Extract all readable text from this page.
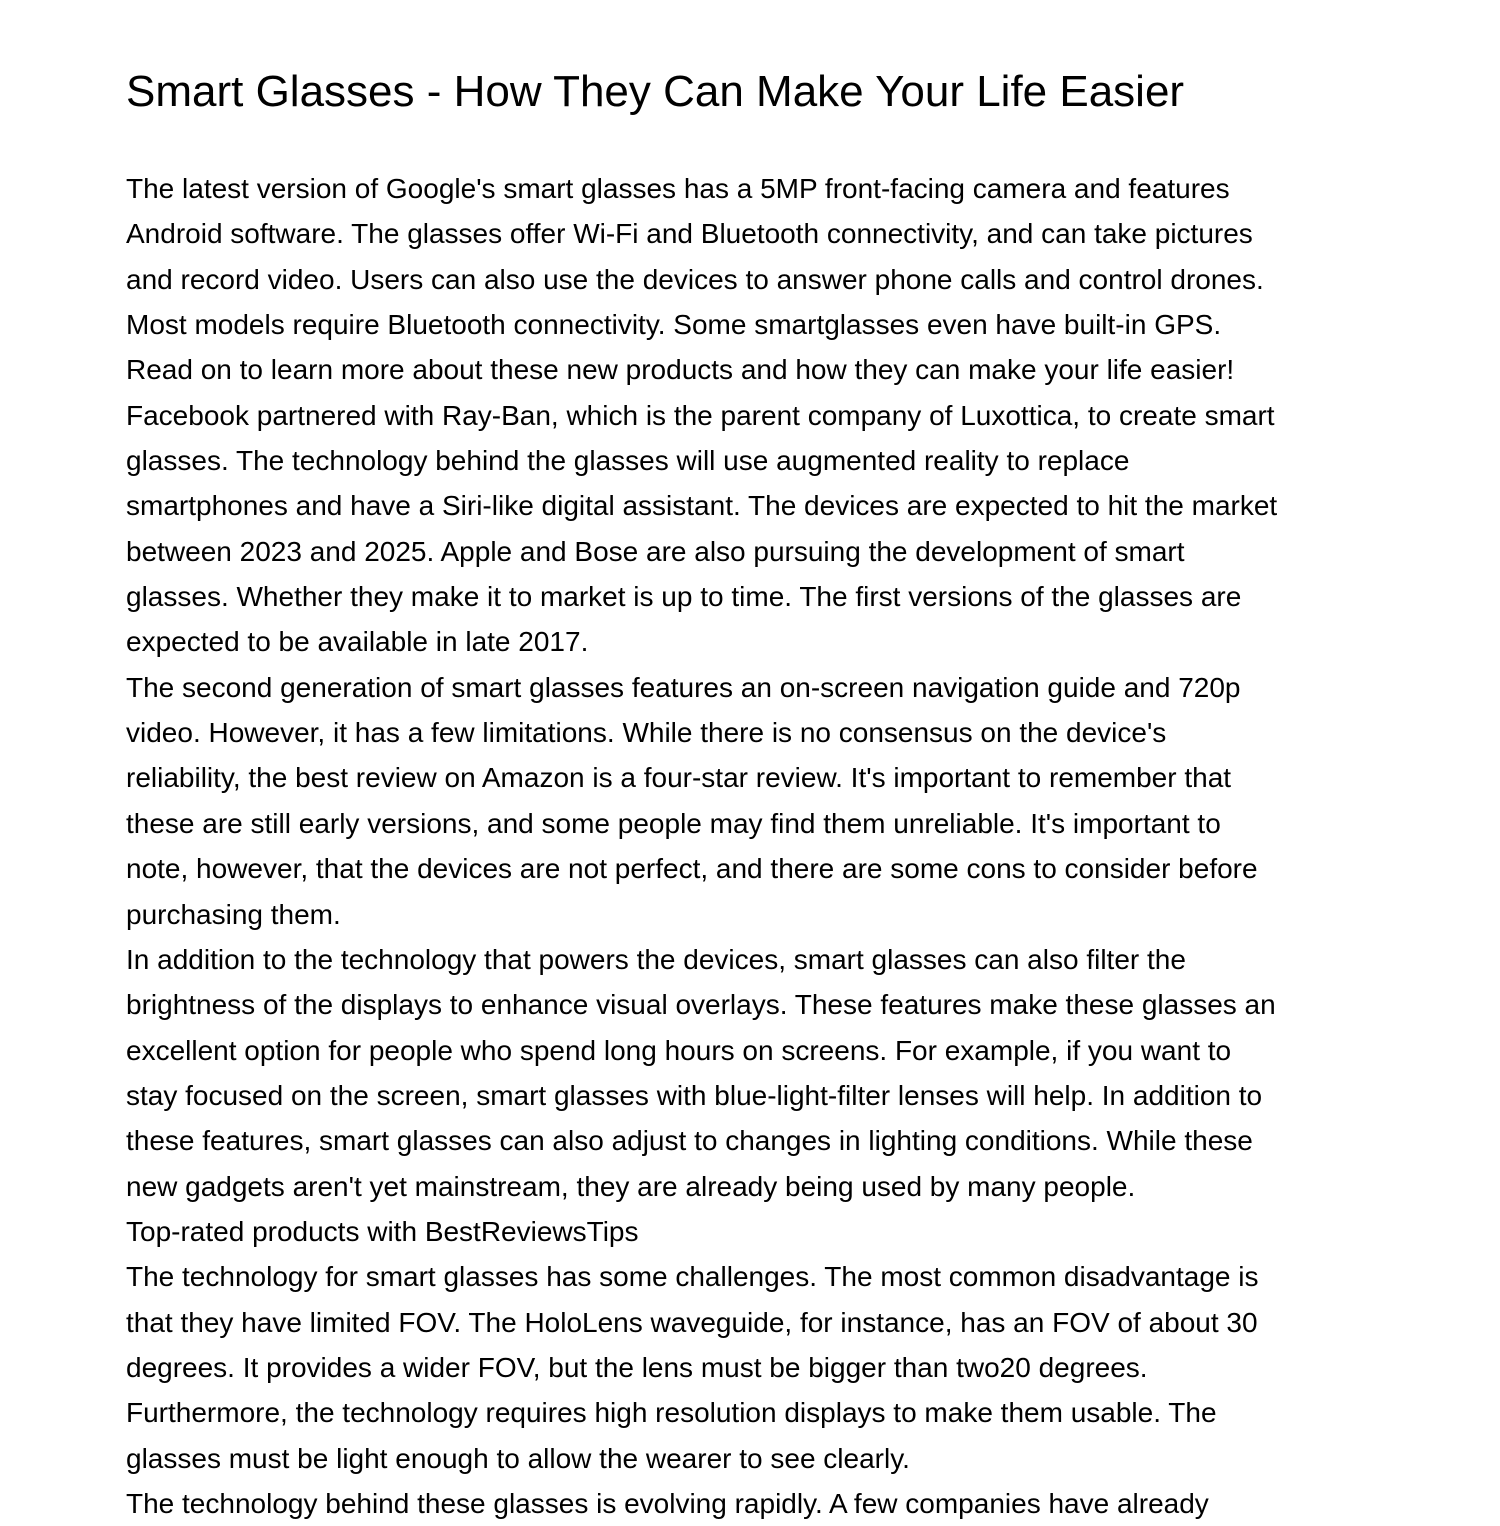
Smart Glasses - How They Can Make Your Life Easier
The latest version of Google's smart glasses has a 5MP front-facing camera and features
Android software. The glasses offer Wi-Fi and Bluetooth connectivity, and can take pictures
and record video. Users can also use the devices to answer phone calls and control drones.
Most models require Bluetooth connectivity. Some smartglasses even have built-in GPS.
Read on to learn more about these new products and how they can make your life easier!
Facebook partnered with Ray-Ban, which is the parent company of Luxottica, to create smart
glasses. The technology behind the glasses will use augmented reality to replace
smartphones and have a Siri-like digital assistant. The devices are expected to hit the market
between 2023 and 2025. Apple and Bose are also pursuing the development of smart
glasses. Whether they make it to market is up to time. The first versions of the glasses are
expected to be available in late 2017.
The second generation of smart glasses features an on-screen navigation guide and 720p
video. However, it has a few limitations. While there is no consensus on the device's
reliability, the best review on Amazon is a four-star review. It's important to remember that
these are still early versions, and some people may find them unreliable. It's important to
note, however, that the devices are not perfect, and there are some cons to consider before
purchasing them.
In addition to the technology that powers the devices, smart glasses can also filter the
brightness of the displays to enhance visual overlays. These features make these glasses an
excellent option for people who spend long hours on screens. For example, if you want to
stay focused on the screen, smart glasses with blue-light-filter lenses will help. In addition to
these features, smart glasses can also adjust to changes in lighting conditions. While these
new gadgets aren't yet mainstream, they are already being used by many people.
Top-rated products with BestReviewsTips
The technology for smart glasses has some challenges. The most common disadvantage is
that they have limited FOV. The HoloLens waveguide, for instance, has an FOV of about 30
degrees. It provides a wider FOV, but the lens must be bigger than two20 degrees.
Furthermore, the technology requires high resolution displays to make them usable. The
glasses must be light enough to allow the wearer to see clearly.
The technology behind these glasses is evolving rapidly. A few companies have already
